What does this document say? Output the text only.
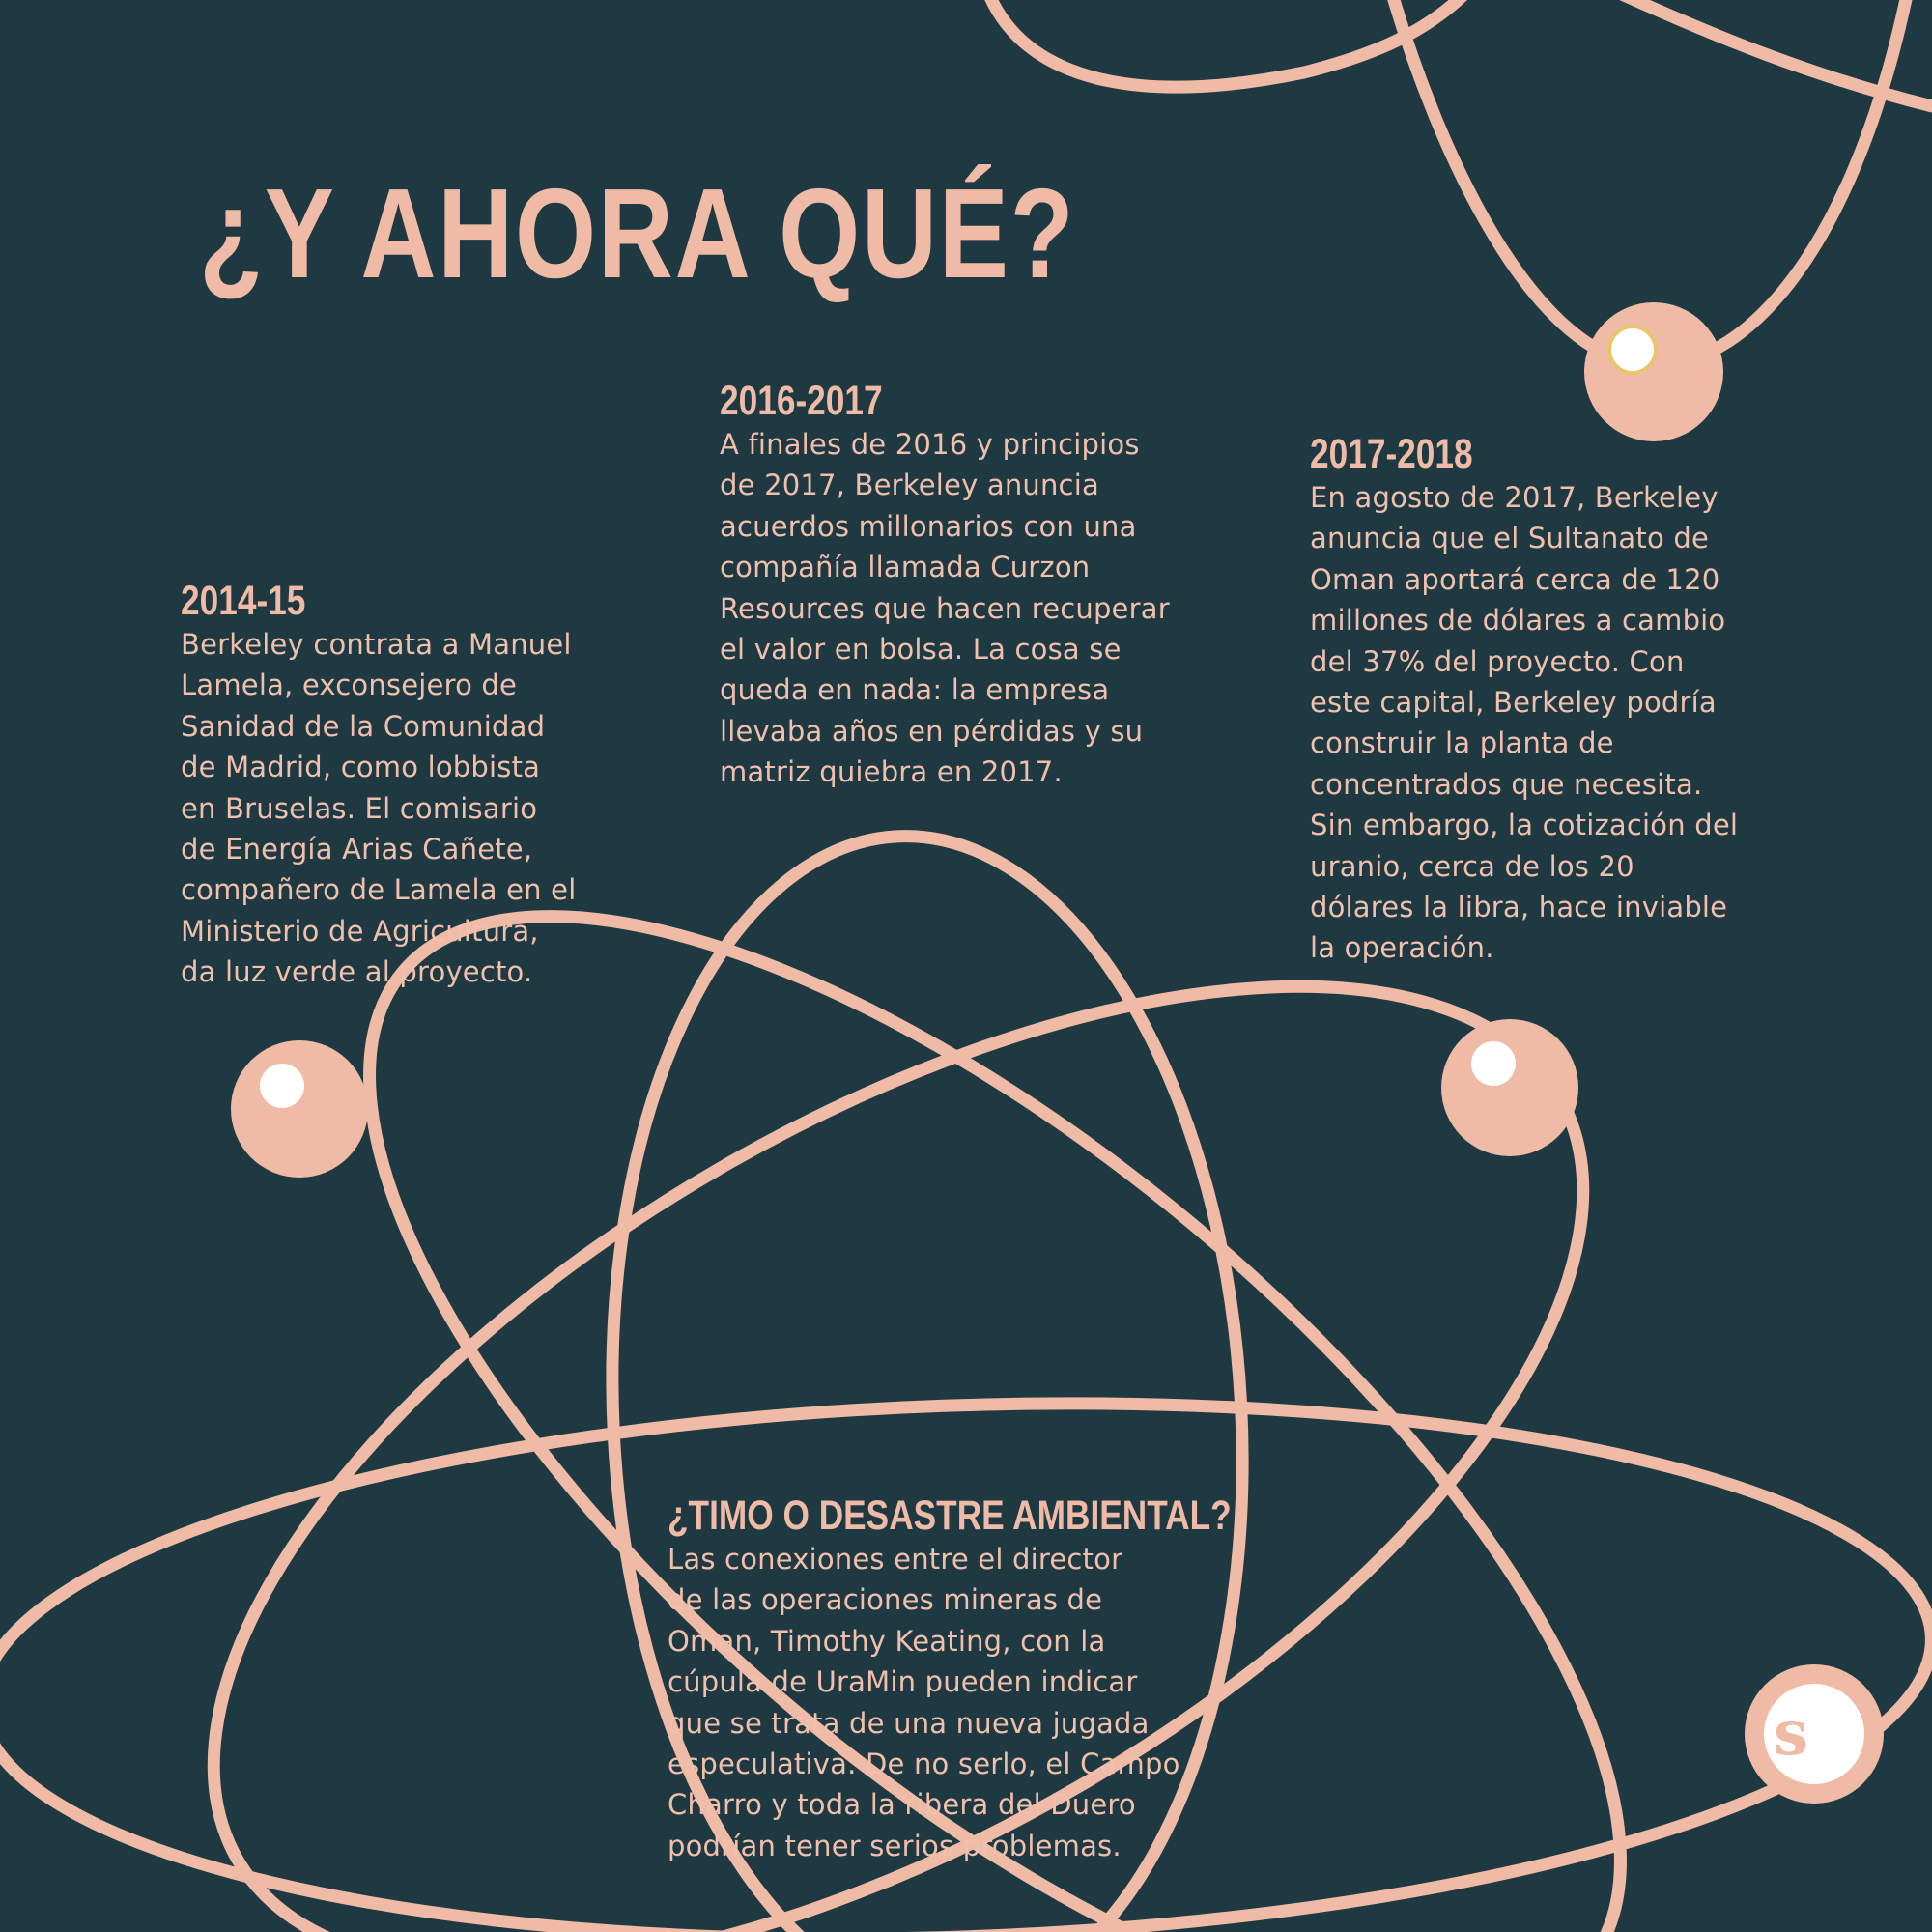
¿Y AHORA QUÉ?
2014-15

Berkeley contrata a Manuel
Lamela, exconsejero de
Sanidad de la Comunidad
de Madrid, como lobbista
en Bruselas. El comisario
de Energía Arias Cañete,
compañero de Lamela en el
Ministerio de Agricultura,
da luz verde al proyecto.

2016-2017

A finales de 2016 y principios
de 2017, Berkeley anuncia
acuerdos millonarios con una
compañía llamada Curzon
Resources que hacen recuperar
el valor en bolsa. La cosa se
queda en nada: la empresa
llevaba años en pérdidas y su
matriz quiebra en 2017.

2017-2018

En agosto de 2017, Berkeley
anuncia que el Sultanato de
Oman aportará cerca de 120
millones de dólares a cambio
del 37% del proyecto. Con
este capital, Berkeley podría
construir la planta de
concentrados que necesita.
Sin embargo, la cotización del
uranio, cerca de los 20
dólares la libra, hace inviable
la operación.

¿TIMO O DESASTRE AMBIENTAL?

Las conexiones entre el director
de las operaciones mineras de
Oman, Timothy Keating, con la
cúpula de UraMin pueden indicar
que se trata de una nueva jugada
especulativa. De no serlo, el Campo
Charro y toda la ribera del Duero
podrían tener serios problemas.

s
